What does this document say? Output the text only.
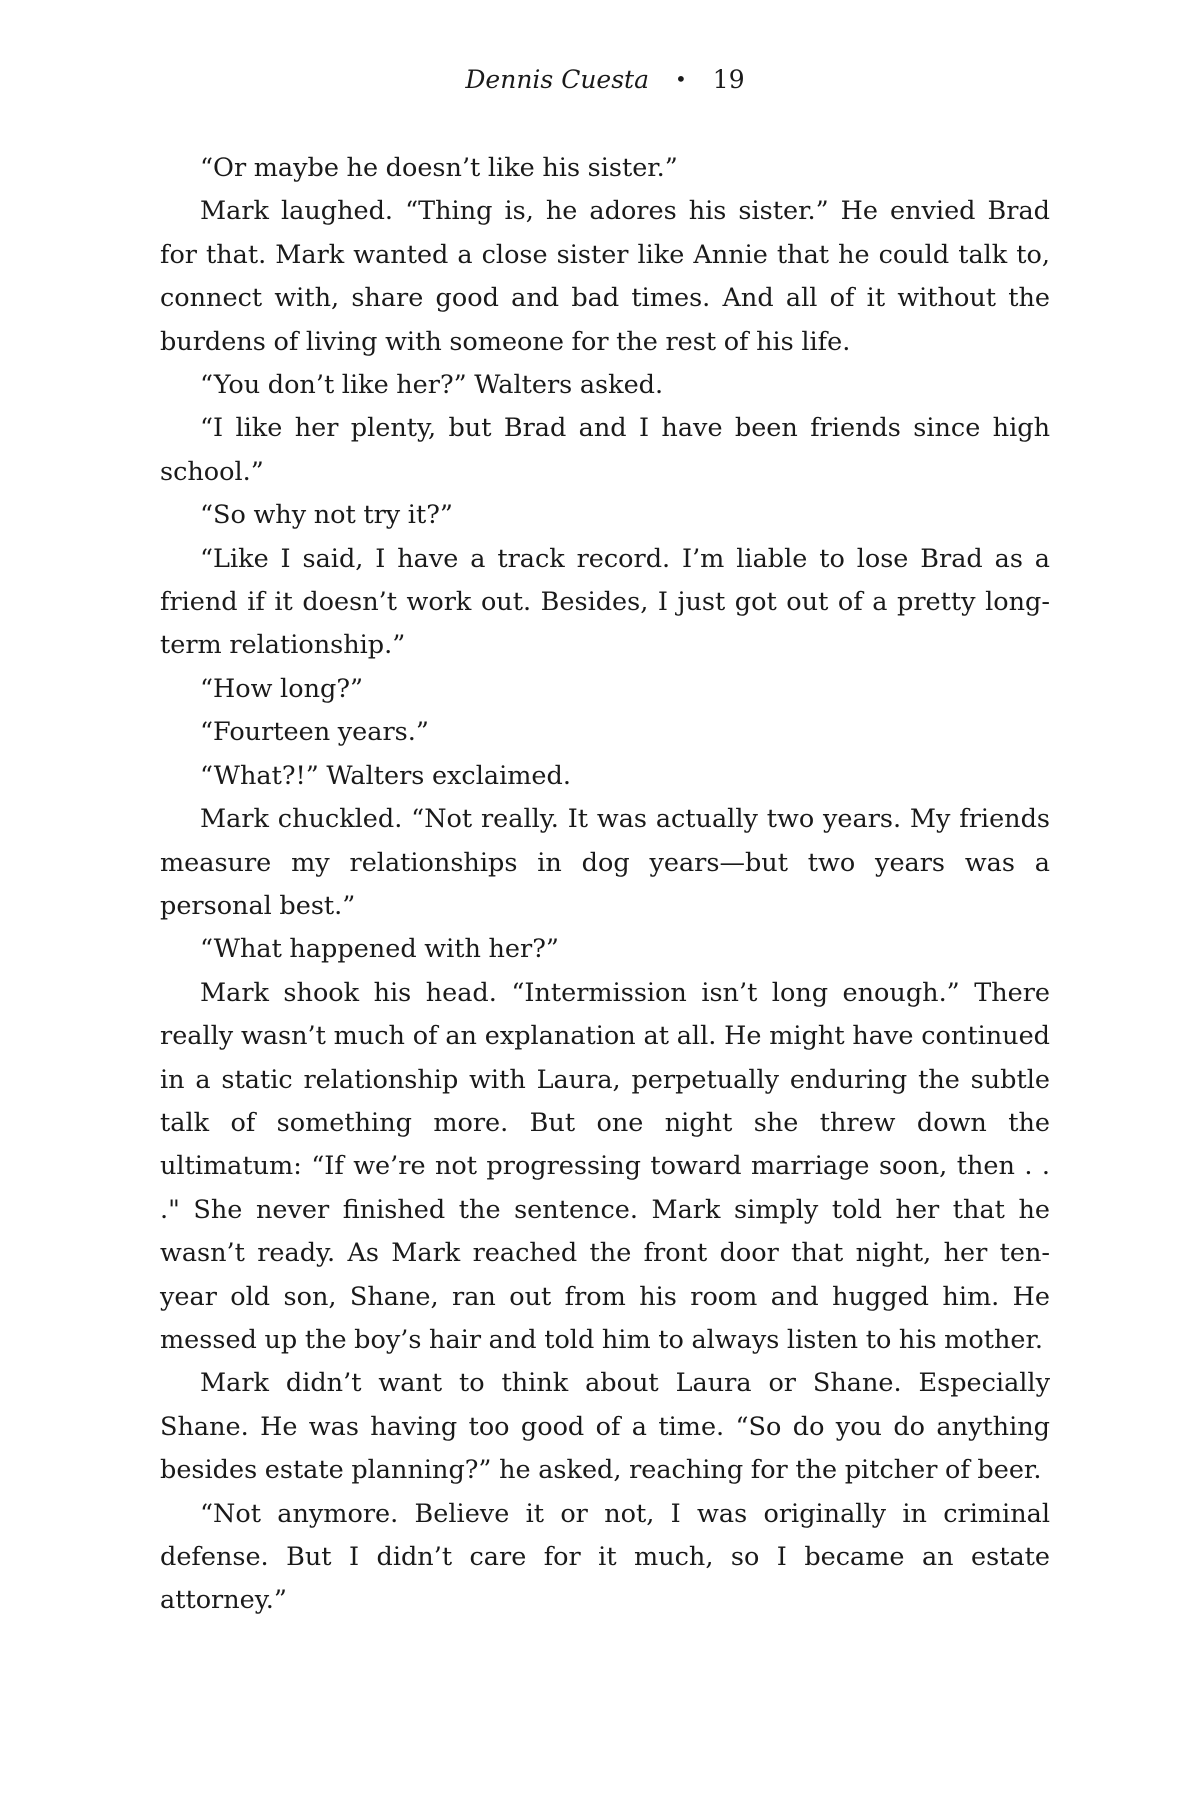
Dennis Cuesta • 19

“Or maybe he doesn’t like his sister.”

Mark laughed. “Thing is, he adores his sister.” He envied Brad for that. Mark wanted a close sister like Annie that he could talk to, connect with, share good and bad times. And all of it without the burdens of living with someone for the rest of his life.

“You don’t like her?” Walters asked.

“I like her plenty, but Brad and I have been friends since high school.”

“So why not try it?”

“Like I said, I have a track record. I’m liable to lose Brad as a friend if it doesn’t work out. Besides, I just got out of a pretty long-term relationship.”

“How long?”

“Fourteen years.”

“What?!” Walters exclaimed.

Mark chuckled. “Not really. It was actually two years. My friends measure my relationships in dog years—but two years was a personal best.”

“What happened with her?”

Mark shook his head. “Intermission isn’t long enough.” There really wasn’t much of an explanation at all. He might have continued in a static relationship with Laura, perpetually enduring the subtle talk of something more. But one night she threw down the ultimatum: “If we’re not progressing toward marriage soon, then . . ." She never finished the sentence. Mark simply told her that he wasn’t ready. As Mark reached the front door that night, her ten-year old son, Shane, ran out from his room and hugged him. He messed up the boy’s hair and told him to always listen to his mother.

Mark didn’t want to think about Laura or Shane. Especially Shane. He was having too good of a time. “So do you do anything besides estate planning?” he asked, reaching for the pitcher of beer.

“Not anymore. Believe it or not, I was originally in criminal defense. But I didn’t care for it much, so I became an estate attorney.”
